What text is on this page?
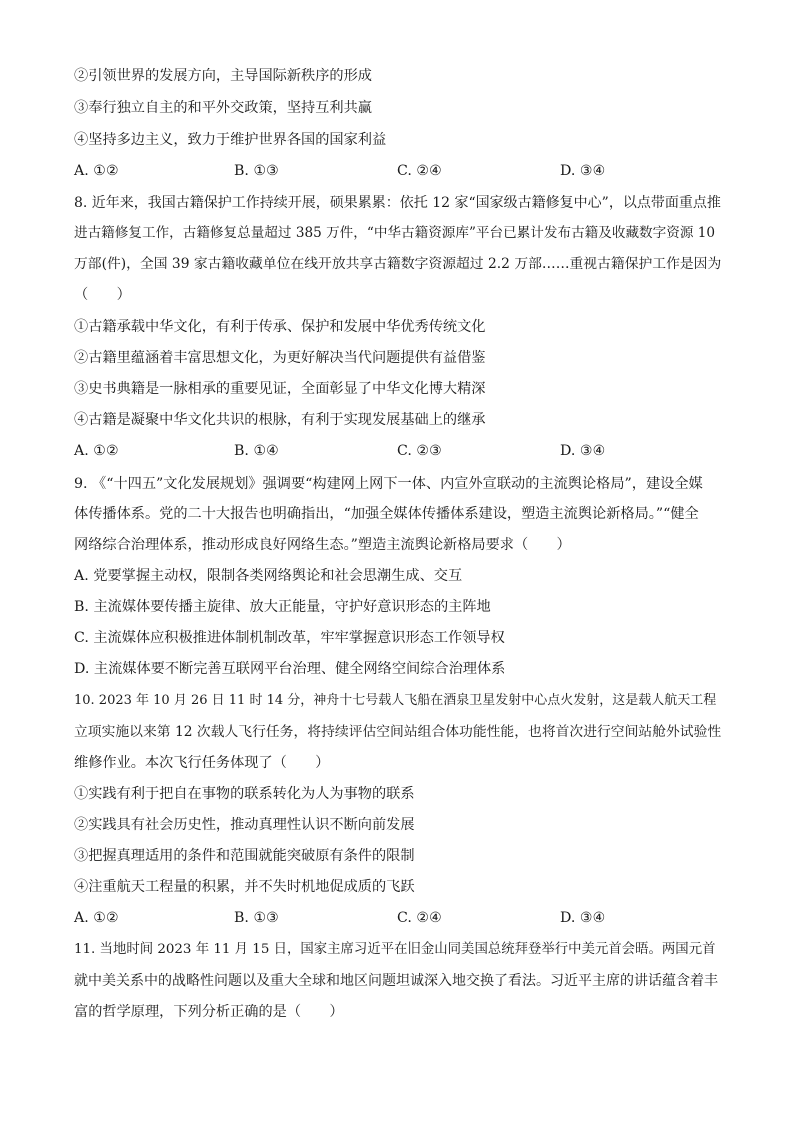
②引领世界的发展方向，主导国际新秩序的形成
③奉行独立自主的和平外交政策，坚持互利共赢
④坚持多边主义，致力于维护世界各国的国家利益
A. ①②	B. ①③	C. ②④	D. ③④
8. 近年来，我国古籍保护工作持续开展，硕果累累：依托 12 家“国家级古籍修复中心”，以点带面重点推
进古籍修复工作，古籍修复总量超过 385 万件，“中华古籍资源库”平台已累计发布古籍及收藏数字资源 10
万部(件)，全国 39 家古籍收藏单位在线开放共享古籍数字资源超过 2.2 万部……重视古籍保护工作是因为
（　　）
①古籍承载中华文化，有利于传承、保护和发展中华优秀传统文化
②古籍里蕴涵着丰富思想文化，为更好解决当代问题提供有益借鉴
③史书典籍是一脉相承的重要见证，全面彰显了中华文化博大精深
④古籍是凝聚中华文化共识的根脉，有利于实现发展基础上的继承
A. ①②	B. ①④	C. ②③	D. ③④
9. 《“十四五”文化发展规划》强调要“构建网上网下一体、内宣外宣联动的主流舆论格局”，建设全媒
体传播体系。党的二十大报告也明确指出，“加强全媒体传播体系建设，塑造主流舆论新格局。”“健全
网络综合治理体系，推动形成良好网络生态。”塑造主流舆论新格局要求（　　）
A. 党要掌握主动权，限制各类网络舆论和社会思潮生成、交互
B. 主流媒体要传播主旋律、放大正能量，守护好意识形态的主阵地
C. 主流媒体应积极推进体制机制改革，牢牢掌握意识形态工作领导权
D. 主流媒体要不断完善互联网平台治理、健全网络空间综合治理体系
10. 2023 年 10 月 26 日 11 时 14 分，神舟十七号载人飞船在酒泉卫星发射中心点火发射，这是载人航天工程
立项实施以来第 12 次载人飞行任务，将持续评估空间站组合体功能性能，也将首次进行空间站舱外试验性
维修作业。本次飞行任务体现了（　　）
①实践有利于把自在事物的联系转化为人为事物的联系
②实践具有社会历史性，推动真理性认识不断向前发展
③把握真理适用的条件和范围就能突破原有条件的限制
④注重航天工程量的积累，并不失时机地促成质的飞跃
A. ①②	B. ①③	C. ②④	D. ③④
11. 当地时间 2023 年 11 月 15 日，国家主席习近平在旧金山同美国总统拜登举行中美元首会晤。两国元首
就中美关系中的战略性问题以及重大全球和地区问题坦诚深入地交换了看法。习近平主席的讲话蕴含着丰
富的哲学原理，下列分析正确的是（　　）
